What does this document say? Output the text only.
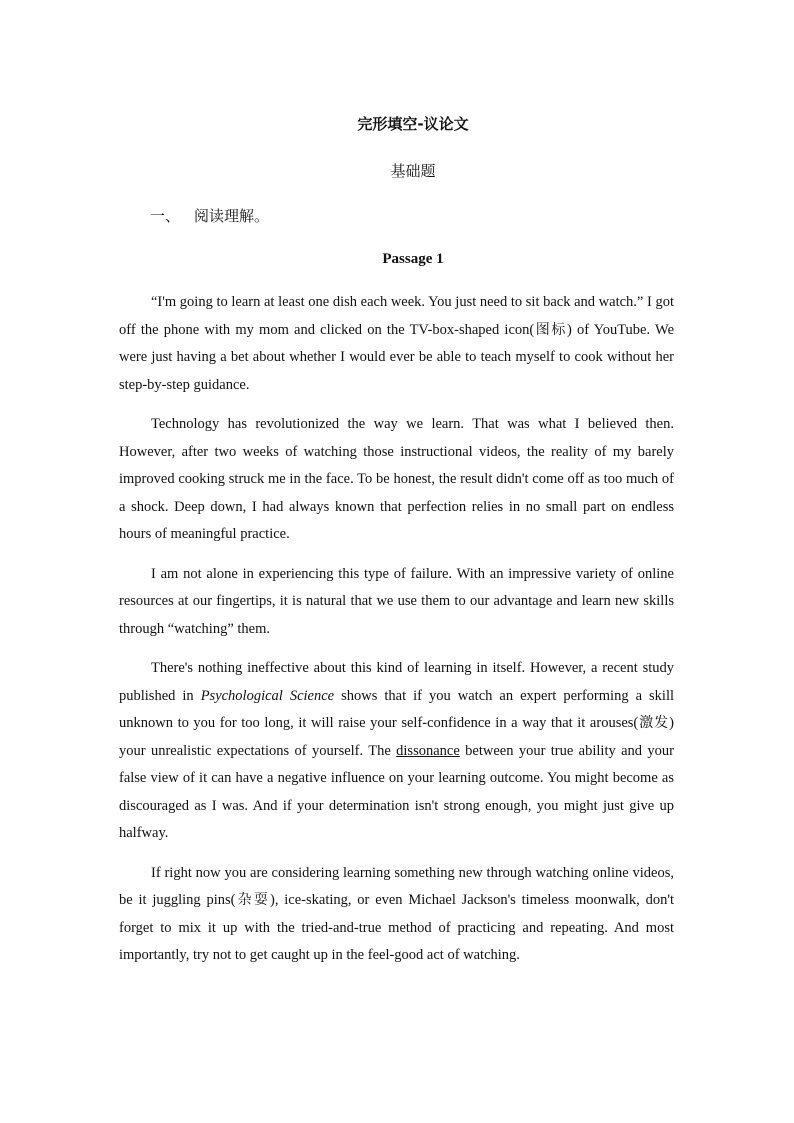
完形填空-议论文
基础题
一、 阅读理解。
Passage 1

“I'm going to learn at least one dish each week. You just need to sit back and watch.” I got off the phone with my mom and clicked on the TV-box-shaped icon(图标) of YouTube. We were just having a bet about whether I would ever be able to teach myself to cook without her step-by-step guidance.

Technology has revolutionized the way we learn. That was what I believed then. However, after two weeks of watching those instructional videos, the reality of my barely improved cooking struck me in the face. To be honest, the result didn't come off as too much of a shock. Deep down, I had always known that perfection relies in no small part on endless hours of meaningful practice.

I am not alone in experiencing this type of failure. With an impressive variety of online resources at our fingertips, it is natural that we use them to our advantage and learn new skills through “watching” them.

There's nothing ineffective about this kind of learning in itself. However, a recent study published in Psychological Science shows that if you watch an expert performing a skill unknown to you for too long, it will raise your self-confidence in a way that it arouses(激发) your unrealistic expectations of yourself. The dissonance between your true ability and your false view of it can have a negative influence on your learning outcome. You might become as discouraged as I was. And if your determination isn't strong enough, you might just give up halfway.

If right now you are considering learning something new through watching online videos, be it juggling pins(杂耍), ice-skating, or even Michael Jackson's timeless moonwalk, don't forget to mix it up with the tried-and-true method of practicing and repeating. And most importantly, try not to get caught up in the feel-good act of watching.
